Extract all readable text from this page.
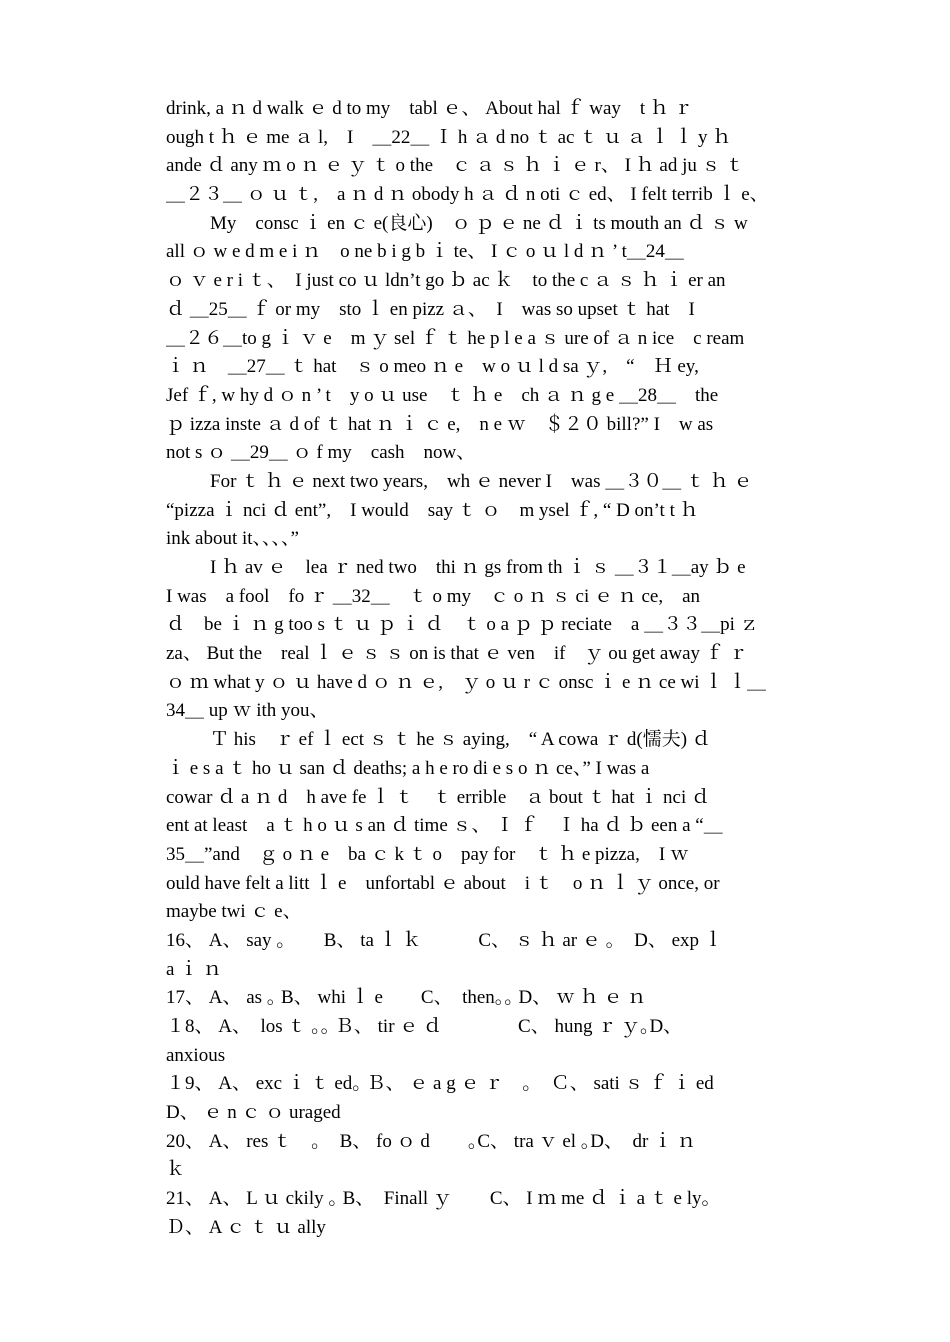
drink, a ｎ d walk ｅ d to my　tabl ｅ、 About hal ｆ way　t ｈ ｒ
ough t ｈ ｅ me ａ l,　I　＿22＿ Ｉ h ａ d no ｔ ac ｔ ｕ ａ ｌ ｌ y ｈ
ande ｄ any ｍ o ｎ ｅ ｙ ｔ o the　ｃ ａ ｓ ｈ ｉ ｅ r、 I ｈ ad ju ｓ ｔ
＿２３＿ ｏ ｕ ｔ,　a ｎ d ｎ obody h ａ ｄ n oti ｃ ed、 I felt terrib ｌ e、
My　consc ｉ en ｃ e(良心)　ｏ ｐ ｅ ne ｄ ｉ ts mouth an ｄ ｓ w
all ｏ w e d m e i ｎ　o ne b i g b ｉ te、 I ｃ o ｕ l d ｎ ’ t＿24＿
ｏ ｖ e r i ｔ、　I just co ｕ ldn’t go ｂ ac ｋ　to the c ａ ｓ ｈ ｉ er an
ｄ ＿25＿ ｆ or my　sto ｌ en pizz ａ、　I　was so upset ｔ hat　I
＿２６＿to g ｉ ｖ e　m ｙ sel ｆ ｔ he p l e a ｓ ure of ａ n ice　c ream
ｉ ｎ　＿27＿ ｔ hat　ｓ o meo ｎ e　w o ｕ l d sa ｙ,　“　Ｈ ey,
Jef ｆ, w hy d ｏ n ’ t　y o ｕ use　ｔ ｈ e　ch ａ ｎ g e ＿28＿　the
ｐ izza inste ａ d of ｔ hat ｎ ｉ ｃ e,　n e ｗ　＄２０ bill?” I　w as
not s ｏ ＿29＿ ｏ f my　cash　now、
For ｔ ｈ ｅ next two years,　wh ｅ never I　was ＿３０＿ ｔ ｈ ｅ
“pizza ｉ nci ｄ ent”,　I would　say ｔ ｏ　m ysel ｆ, “ D on’t t ｈ
ink about it、、、、”
I ｈ av ｅ　lea ｒ ned two　thi ｎ gs from th ｉ ｓ ＿３１＿ay ｂ e
I was　a fool　fo ｒ ＿32＿　ｔ o my　ｃ o ｎ ｓ ci ｅ ｎ ce,　an
ｄ　be ｉ ｎ g too s ｔ ｕ ｐ ｉ ｄ　ｔ o a ｐ ｐ reciate　a ＿３３＿pi ｚ
za、 But the　real ｌ ｅ ｓ ｓ on is that ｅ ven　if　ｙ ou get away ｆ ｒ
ｏ ｍ what y ｏ ｕ have d ｏ ｎ ｅ,　ｙ o ｕ r ｃ onsc ｉ e ｎ ce wi ｌ ｌ＿
34＿ up ｗ ith you、
Ｔ his　ｒ ef ｌ ect ｓ ｔ he ｓ aying,　“ A cowa ｒ d(懦夫) ｄ
ｉ e s a ｔ ho ｕ san ｄ deaths; a h e ro di e s o ｎ ce、” I was a
cowar ｄ a ｎ d　h ave fe ｌ ｔ　ｔ errible　ａ bout ｔ hat ｉ nci ｄ
ent at least　a ｔ h o ｕ s an ｄ time ｓ、 Ｉ ｆ　Ｉ ha ｄ ｂ een a “＿
35＿”and　ｇ o ｎ e　ba ｃ k ｔ o　pay for　ｔ ｈ e pizza,　I ｗ
ould have felt a litt ｌ e　unfortabl ｅ about　i ｔ　o ｎ ｌ ｙ once, or
maybe twi ｃ e、
16、 A、 say ｡　　B、 ta ｌ ｋ　　　C、 ｓ ｈ ar ｅ ｡　D、 exp ｌ
a ｉ ｎ
17、 A、 as ｡ B、 whi ｌ e　　C、　then｡｡ D、 ｗ ｈ ｅ ｎ
１8、 A、　los ｔ ｡｡ Ｂ、 tir ｅ ｄ　　　　C、 hung ｒ ｙ｡D、
anxious
１9、 A、 exc ｉ ｔ ed｡ Ｂ、 ｅ a g ｅ ｒ　｡　Ｃ、 sati ｓ ｆ ｉ ed
D、 ｅ n ｃ ｏ uraged
20、 A、 res ｔ　｡　B、 fo ｏ d　　｡C、 tra ｖ el ｡D、　dr ｉ ｎ
ｋ
21、 A、 L ｕ ckily ｡ B、　Finall ｙ　　C、 I ｍ me ｄ ｉ a ｔ e ly｡
Ｄ、 A ｃ ｔ ｕ ally
